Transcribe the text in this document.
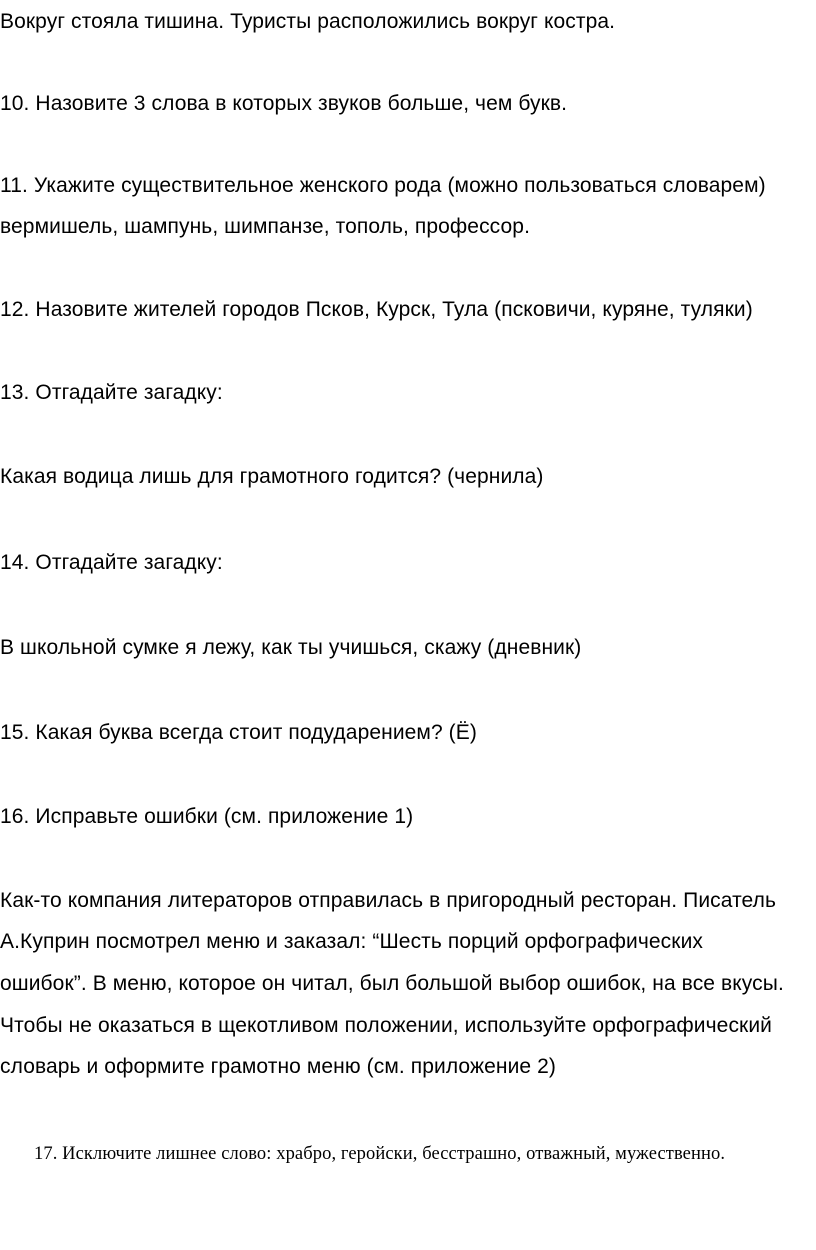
Вокруг стояла тишина. Туристы расположились вокруг костра.
10. Назовите 3 слова в которых звуков больше, чем букв.
11. Укажите существительное женского рода (можно пользоваться словарем)
вермишель, шампунь, шимпанзе, тополь, профессор.
12. Назовите жителей городов Псков, Курск, Тула (псковичи, куряне, туляки)
13. Отгадайте загадку:
Какая водица лишь для грамотного годится? (чернила)
14. Отгадайте загадку:
В школьной сумке я лежу, как ты учишься, скажу (дневник)
15. Какая буква всегда стоит подударением? (Ё)
16. Исправьте ошибки (см. приложение 1)
Как-то компания литераторов отправилась в пригородный ресторан. Писатель
А.Куприн посмотрел меню и заказал: “Шесть порций орфографических
ошибок”. В меню, которое он читал, был большой выбор ошибок, на все вкусы.
Чтобы не оказаться в щекотливом положении, используйте орфографический
словарь и оформите грамотно меню (см. приложение 2)
17. Исключите лишнее слово: храбро, геройски, бесстрашно, отважный, мужественно.
